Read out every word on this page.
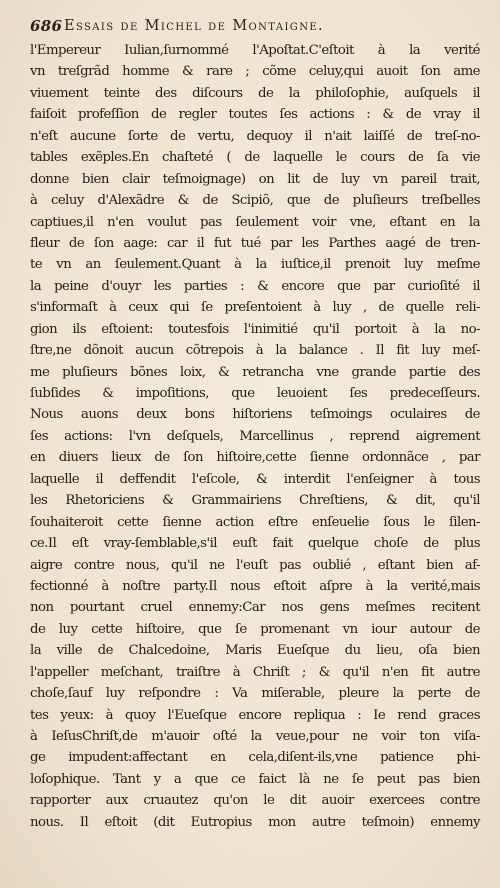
686 Essais de Michel de Montaigne.
l'Empereur Iulian,ſurnommé l'Apoſtat.C'eſtoit à la verité
vn treſgrãd homme & rare ; cõme celuy,qui auoit ſon ame
viuement teinte des diſcours de la philoſophie, auſquels il
faiſoit profeſſion de regler toutes ſes actions : & de vray il
n'eſt aucune ſorte de vertu, dequoy il n'ait laiſſé de treſ-no-
tables exẽples.En chaſteté ( de laquelle le cours de ſa vie
donne bien clair teſmoignage) on lit de luy vn pareil trait,
à celuy d'Alexãdre & de Scipiõ, que de pluſieurs treſbelles
captiues,il n'en voulut pas ſeulement voir vne, eſtant en la
fleur de ſon aage: car il fut tué par les Parthes aagé de tren-
te vn an ſeulement.Quant à la iuſtice,il prenoit luy meſme
la peine d'ouyr les parties : & encore que par curioſité il
s'informaſt à ceux qui ſe preſentoient à luy , de quelle reli-
gion ils eſtoient: toutesfois l'inimitié qu'il portoit à la no-
ſtre,ne dõnoit aucun cõtrepois à la balance . Il fit luy meſ-
me pluſieurs bõnes loix, & retrancha vne grande partie des
ſubſides & impoſitions, que leuoient ſes predeceſſeurs.
Nous auons deux bons hiſtoriens teſmoings oculaires de
ſes actions: l'vn deſquels, Marcellinus , reprend aigrement
en diuers lieux de ſon hiſtoire,cette ſienne ordonnãce , par
laquelle il deffendit l'eſcole, & interdit l'enſeigner à tous
les Rhetoriciens & Grammairiens Chreſtiens, & dit, qu'il
ſouhaiteroit cette ſienne action eſtre enſeuelie ſous le ſilen-
ce.Il eſt vray-ſemblable,s'il euſt fait quelque choſe de plus
aigre contre nous, qu'il ne l'euſt pas oublié , eſtant bien af-
fectionné à noſtre party.Il nous eſtoit aſpre à la verité,mais
non pourtant cruel ennemy:Car nos gens meſmes recitent
de luy cette hiſtoire, que ſe promenant vn iour autour de
la ville de Chalcedoine, Maris Eueſque du lieu, oſa bien
l'appeller meſchant, traiſtre à Chriſt ; & qu'il n'en fit autre
choſe,ſauf luy reſpondre : Va miſerable, pleure la perte de
tes yeux: à quoy l'Eueſque encore repliqua : Ie rend graces
à IeſusChriſt,de m'auoir oſté la veue,pour ne voir ton viſa-
ge impudent:affectant en cela,diſent-ils,vne patience phi-
loſophique. Tant y a que ce faict là ne ſe peut pas bien
rapporter aux cruautez qu'on le dit auoir exercees contre
nous. Il eſtoit (dit Eutropius mon autre teſmoin) ennemy
